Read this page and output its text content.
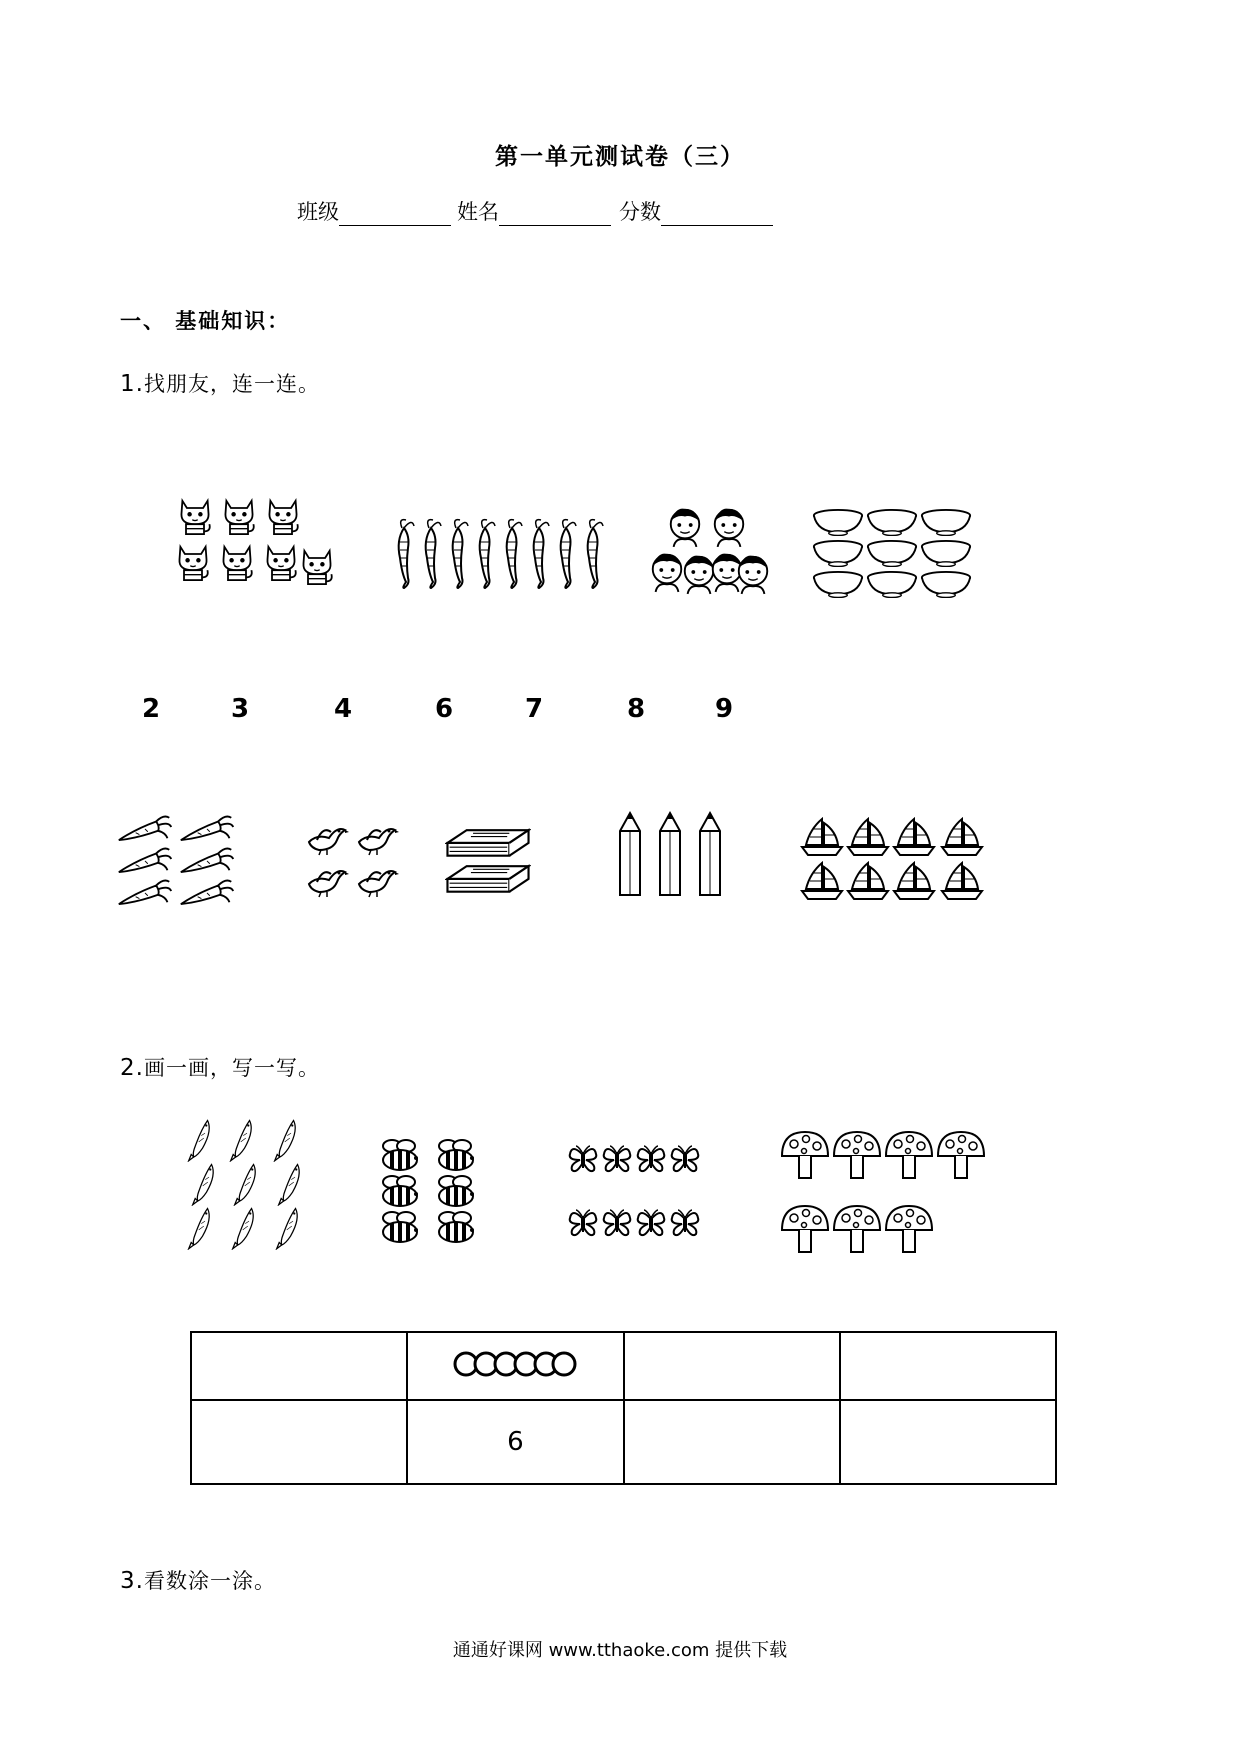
第一单元测试卷（三）
班级	姓名	分数
一、 基础知识：
1.找朋友，连一连。
2	3	4	6	7	8	9
2.画一画，写一写。

	6		
3.看数涂一涂。
通通好课网 www.tthaoke.com 提供下载
